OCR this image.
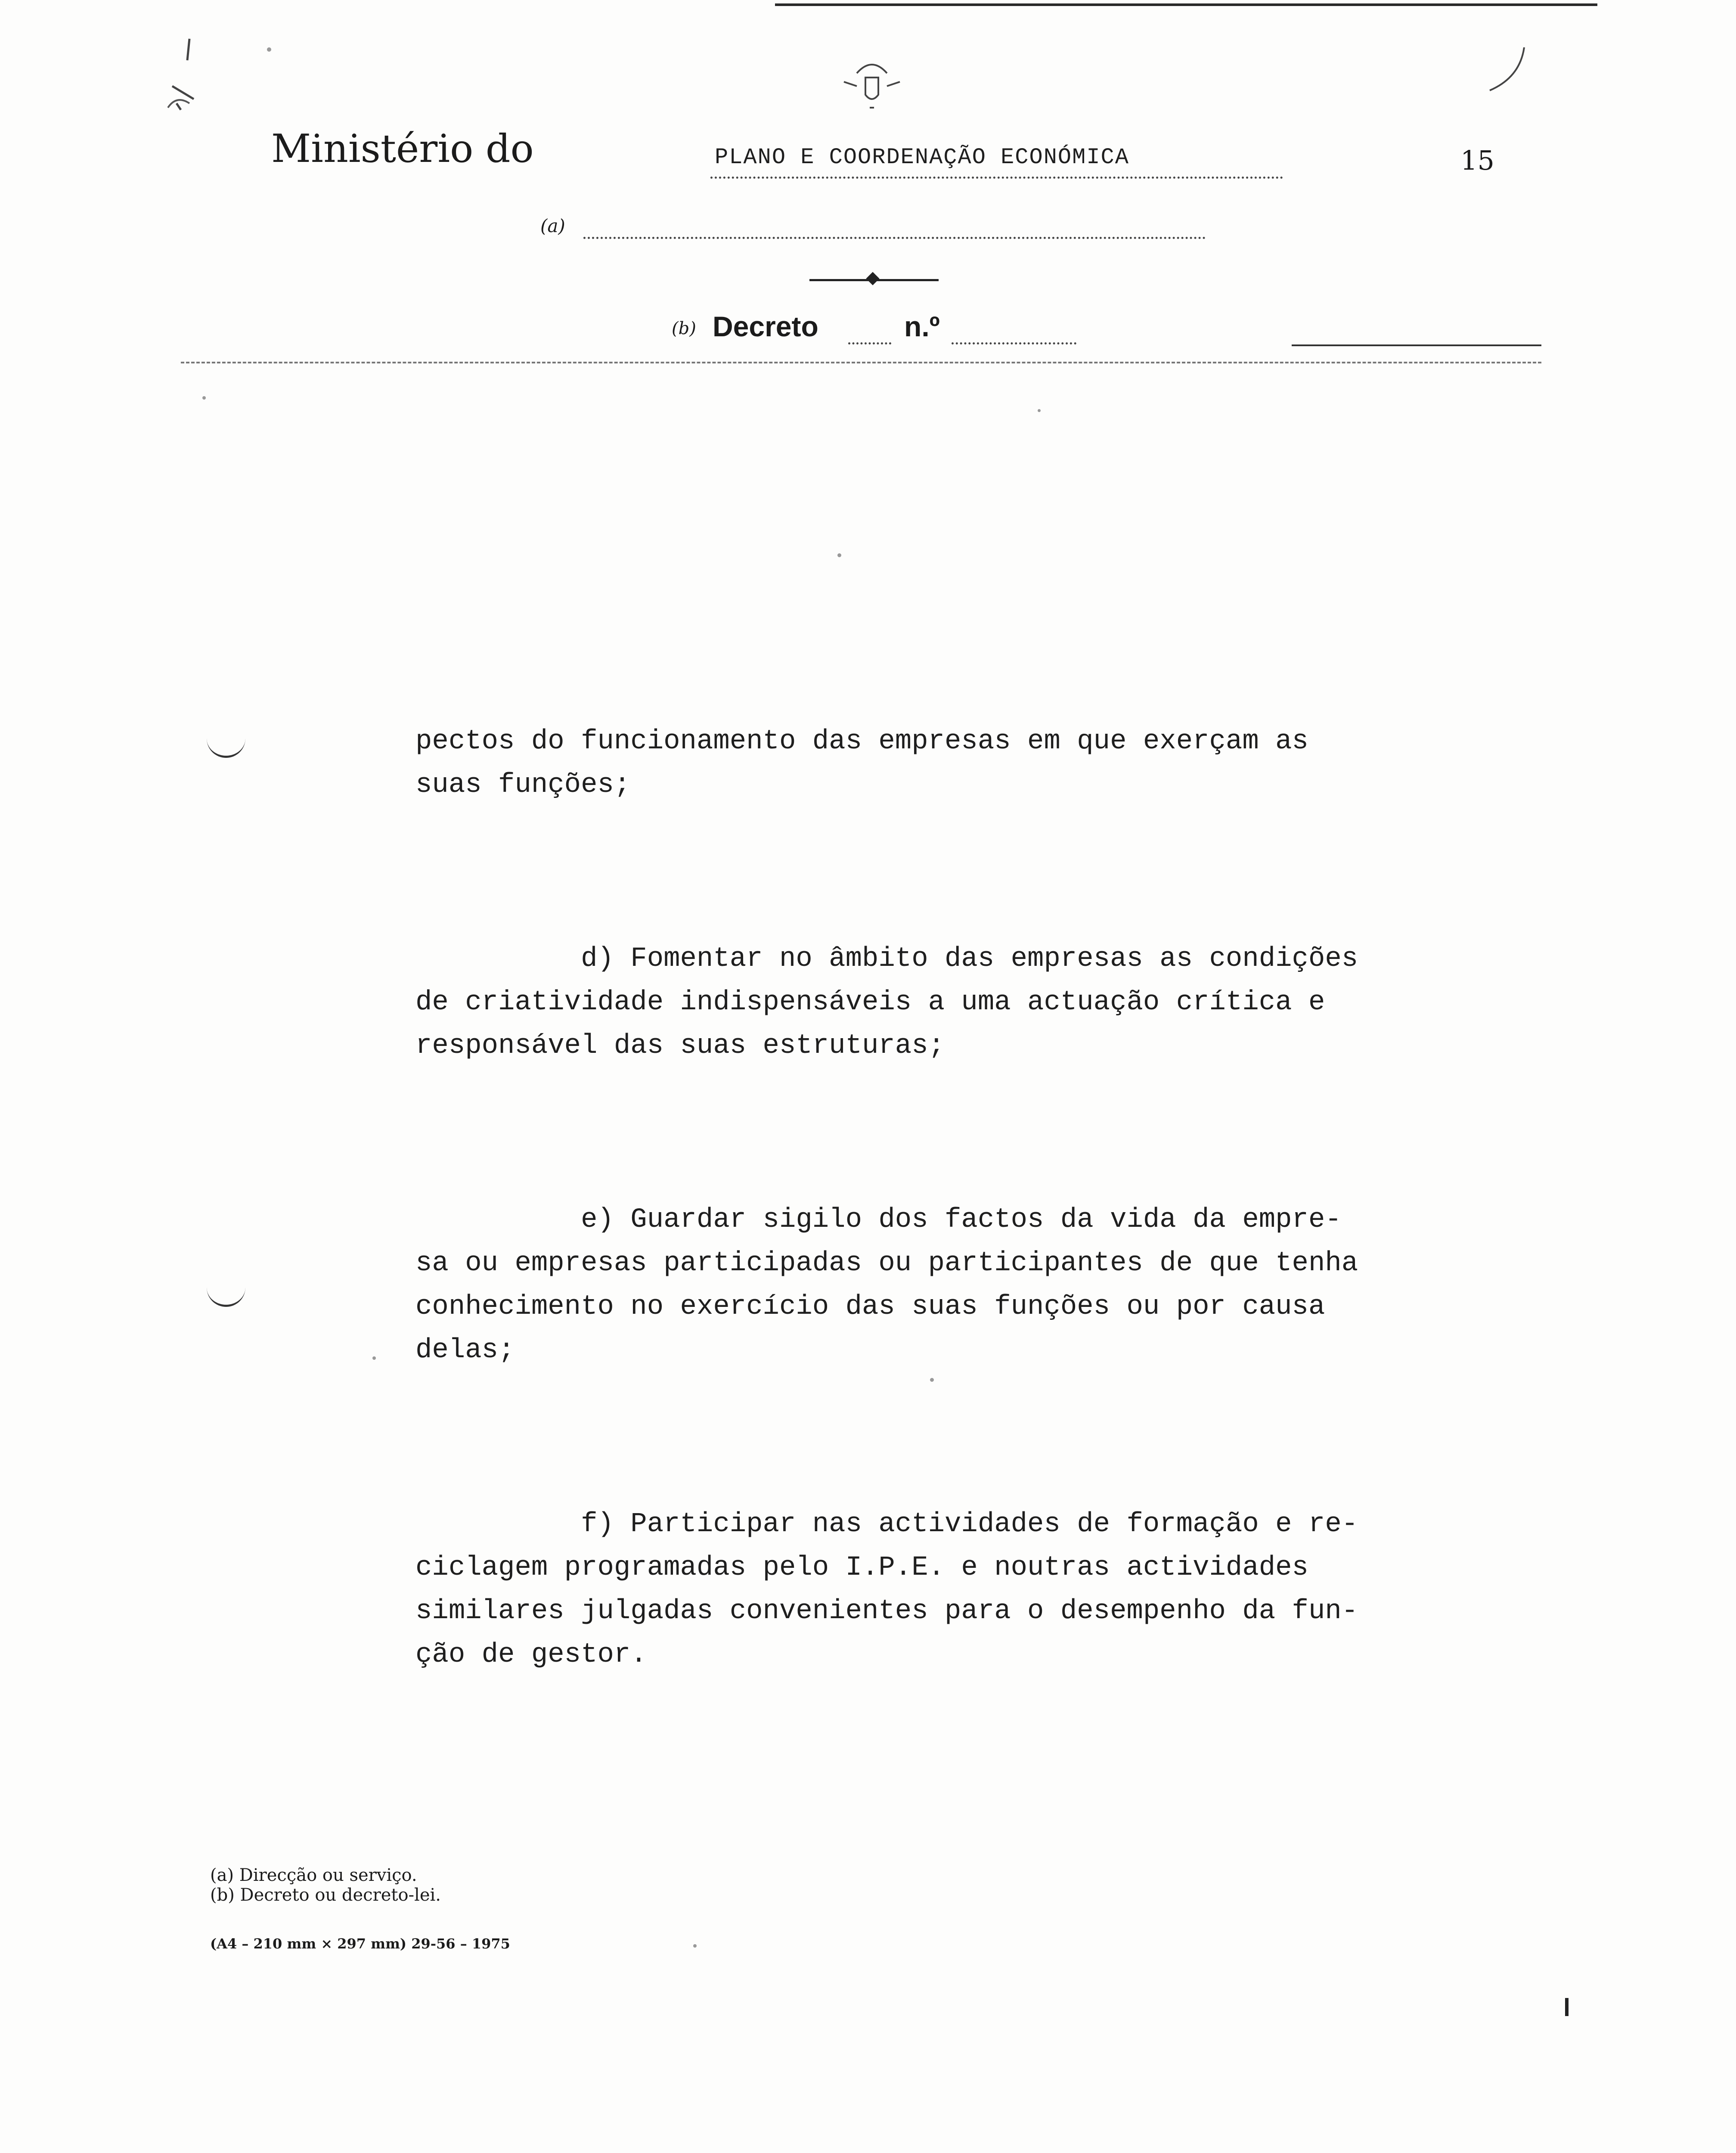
Ministério do	PLANO E COORDENAÇÃO ECONÓMICA	15
(a)
(b) Decreto	n.º

pectos do funcionamento das empresas em que exerçam as
suas funções;

d) Fomentar no âmbito das empresas as condições
de criatividade indispensáveis a uma actuação crítica e
responsável das suas estruturas;

e) Guardar sigilo dos factos da vida da empre-
sa ou empresas participadas ou participantes de que tenha
conhecimento no exercício das suas funções ou por causa
delas;

f) Participar nas actividades de formação e re-
ciclagem programadas pelo I.P.E. e noutras actividades
similares julgadas convenientes para o desempenho da fun-
ção de gestor.

(a) Direcção ou serviço.
(b) Decreto ou decreto-lei.
(A4 – 210 mm × 297 mm) 29-56 – 1975
